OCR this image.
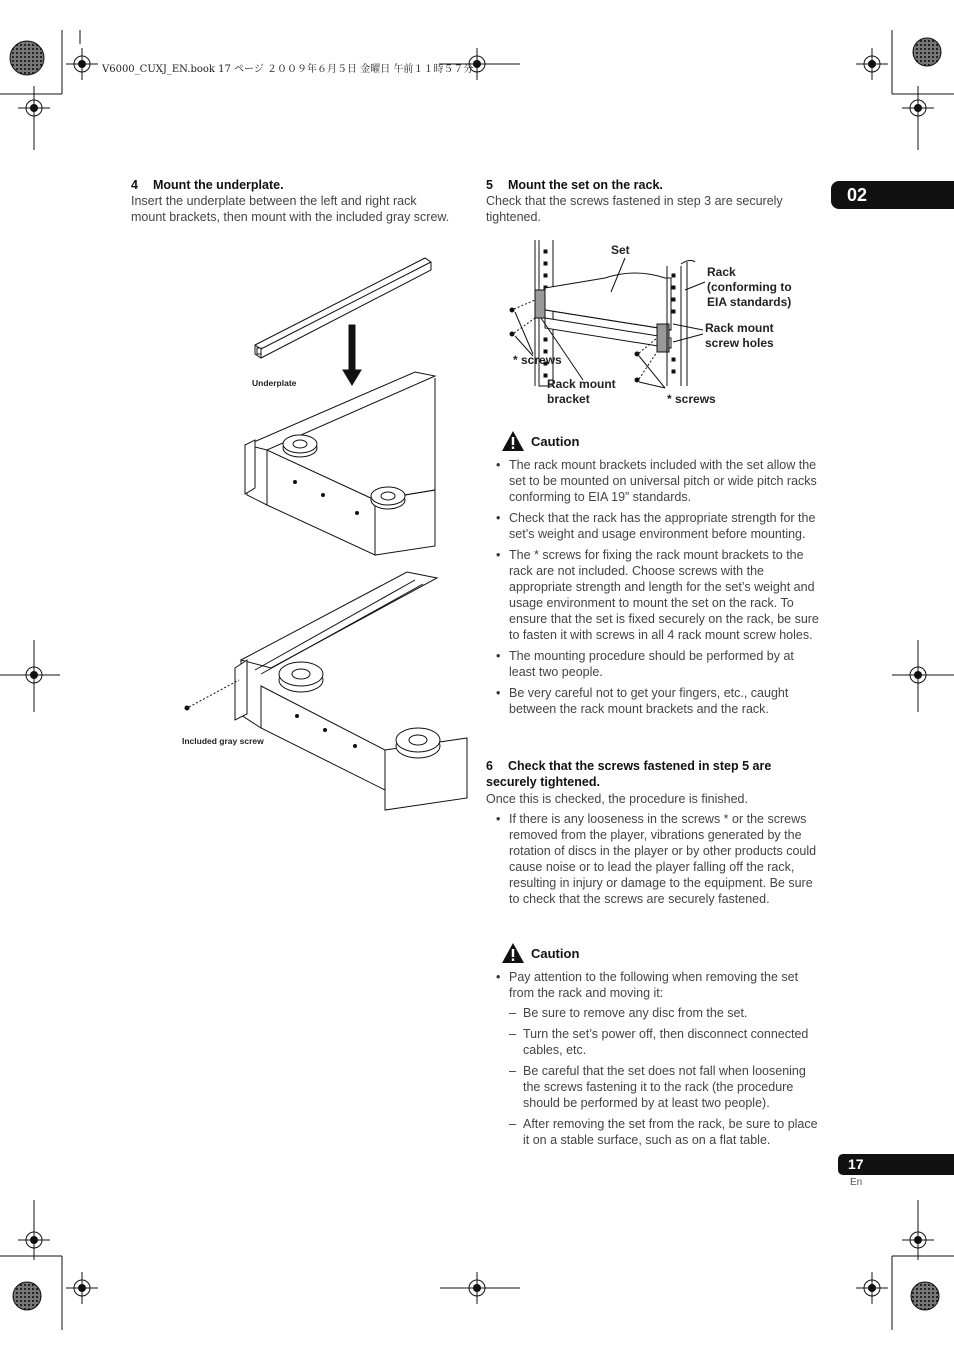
V6000_CUXJ_EN.book 17 ページ ２００９年６月５日 金曜日 午前１１時５７分
02
17
En
4 Mount the underplate.
Insert the underplate between the left and right rack mount brackets, then mount with the included gray screw.
Underplate
Included gray screw
5 Mount the set on the rack.
Check that the screws fastened in step 3 are securely tightened.
Set
Rack
(conforming to
EIA standards)
Rack mount
screw holes
* screws
Rack mount
bracket	* screws
Caution
• The rack mount brackets included with the set allow the set to be mounted on universal pitch or wide pitch racks conforming to EIA 19” standards.
• Check that the rack has the appropriate strength for the set’s weight and usage environment before mounting.
• The * screws for fixing the rack mount brackets to the rack are not included. Choose screws with the appropriate strength and length for the set’s weight and usage environment to mount the set on the rack. To ensure that the set is fixed securely on the rack, be sure to fasten it with screws in all 4 rack mount screw holes.
• The mounting procedure should be performed by at least two people.
• Be very careful not to get your fingers, etc., caught between the rack mount brackets and the rack.
6 Check that the screws fastened in step 5 are securely tightened.
Once this is checked, the procedure is finished.
• If there is any looseness in the screws * or the screws removed from the player, vibrations generated by the rotation of discs in the player or by other products could cause noise or to lead the player falling off the rack, resulting in injury or damage to the equipment. Be sure to check that the screws are securely fastened.
Caution
• Pay attention to the following when removing the set from the rack and moving it:
– Be sure to remove any disc from the set.
– Turn the set’s power off, then disconnect connected cables, etc.
– Be careful that the set does not fall when loosening the screws fastening it to the rack (the procedure should be performed by at least two people).
– After removing the set from the rack, be sure to place it on a stable surface, such as on a flat table.
